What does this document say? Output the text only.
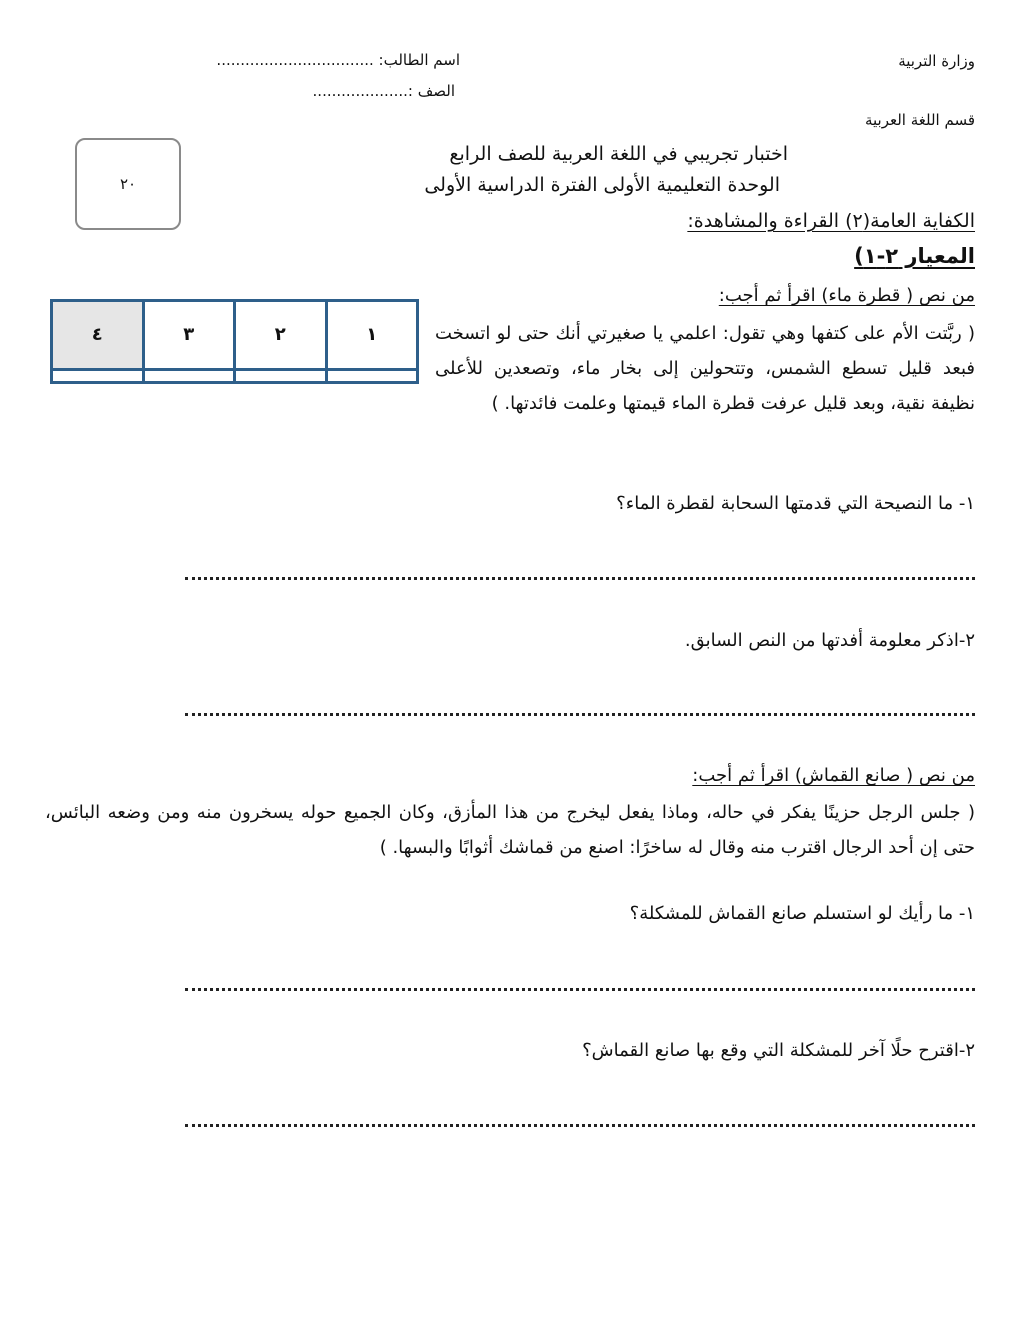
وزارة التربية
اسم الطالب: .................................
الصف :....................
قسم اللغة العربية
اختبار تجريبي في اللغة العربية للصف الرابع
الوحدة التعليمية الأولى الفترة الدراسية الأولى
٢٠
الكفاية العامة(٢) القراءة والمشاهدة:
المعيار ٢-١)
١	٢	٣	٤

من نص ( قطرة ماء) اقرأ ثم أجب:
( ربَّتت الأم على كتفها وهي تقول: اعلمي يا صغيرتي أنك حتى لو اتسخت فبعد قليل تسطع الشمس، وتتحولين إلى بخار ماء، وتصعدين للأعلى نظيفة نقية، وبعد قليل عرفت قطرة الماء قيمتها وعلمت فائدتها. )
١- ما النصيحة التي قدمتها السحابة لقطرة الماء؟
٢-اذكر معلومة أفدتها من النص السابق.
من نص ( صانع القماش) اقرأ ثم أجب:
( جلس الرجل حزينًا يفكر في حاله، وماذا يفعل ليخرج من هذا المأزق، وكان الجميع حوله يسخرون منه ومن وضعه البائس، حتى إن أحد الرجال اقترب منه وقال له ساخرًا: اصنع من قماشك أثوابًا والبسها. )
١- ما رأيك لو استسلم صانع القماش للمشكلة؟
٢-اقترح حلًا آخر للمشكلة التي وقع بها صانع القماش؟
